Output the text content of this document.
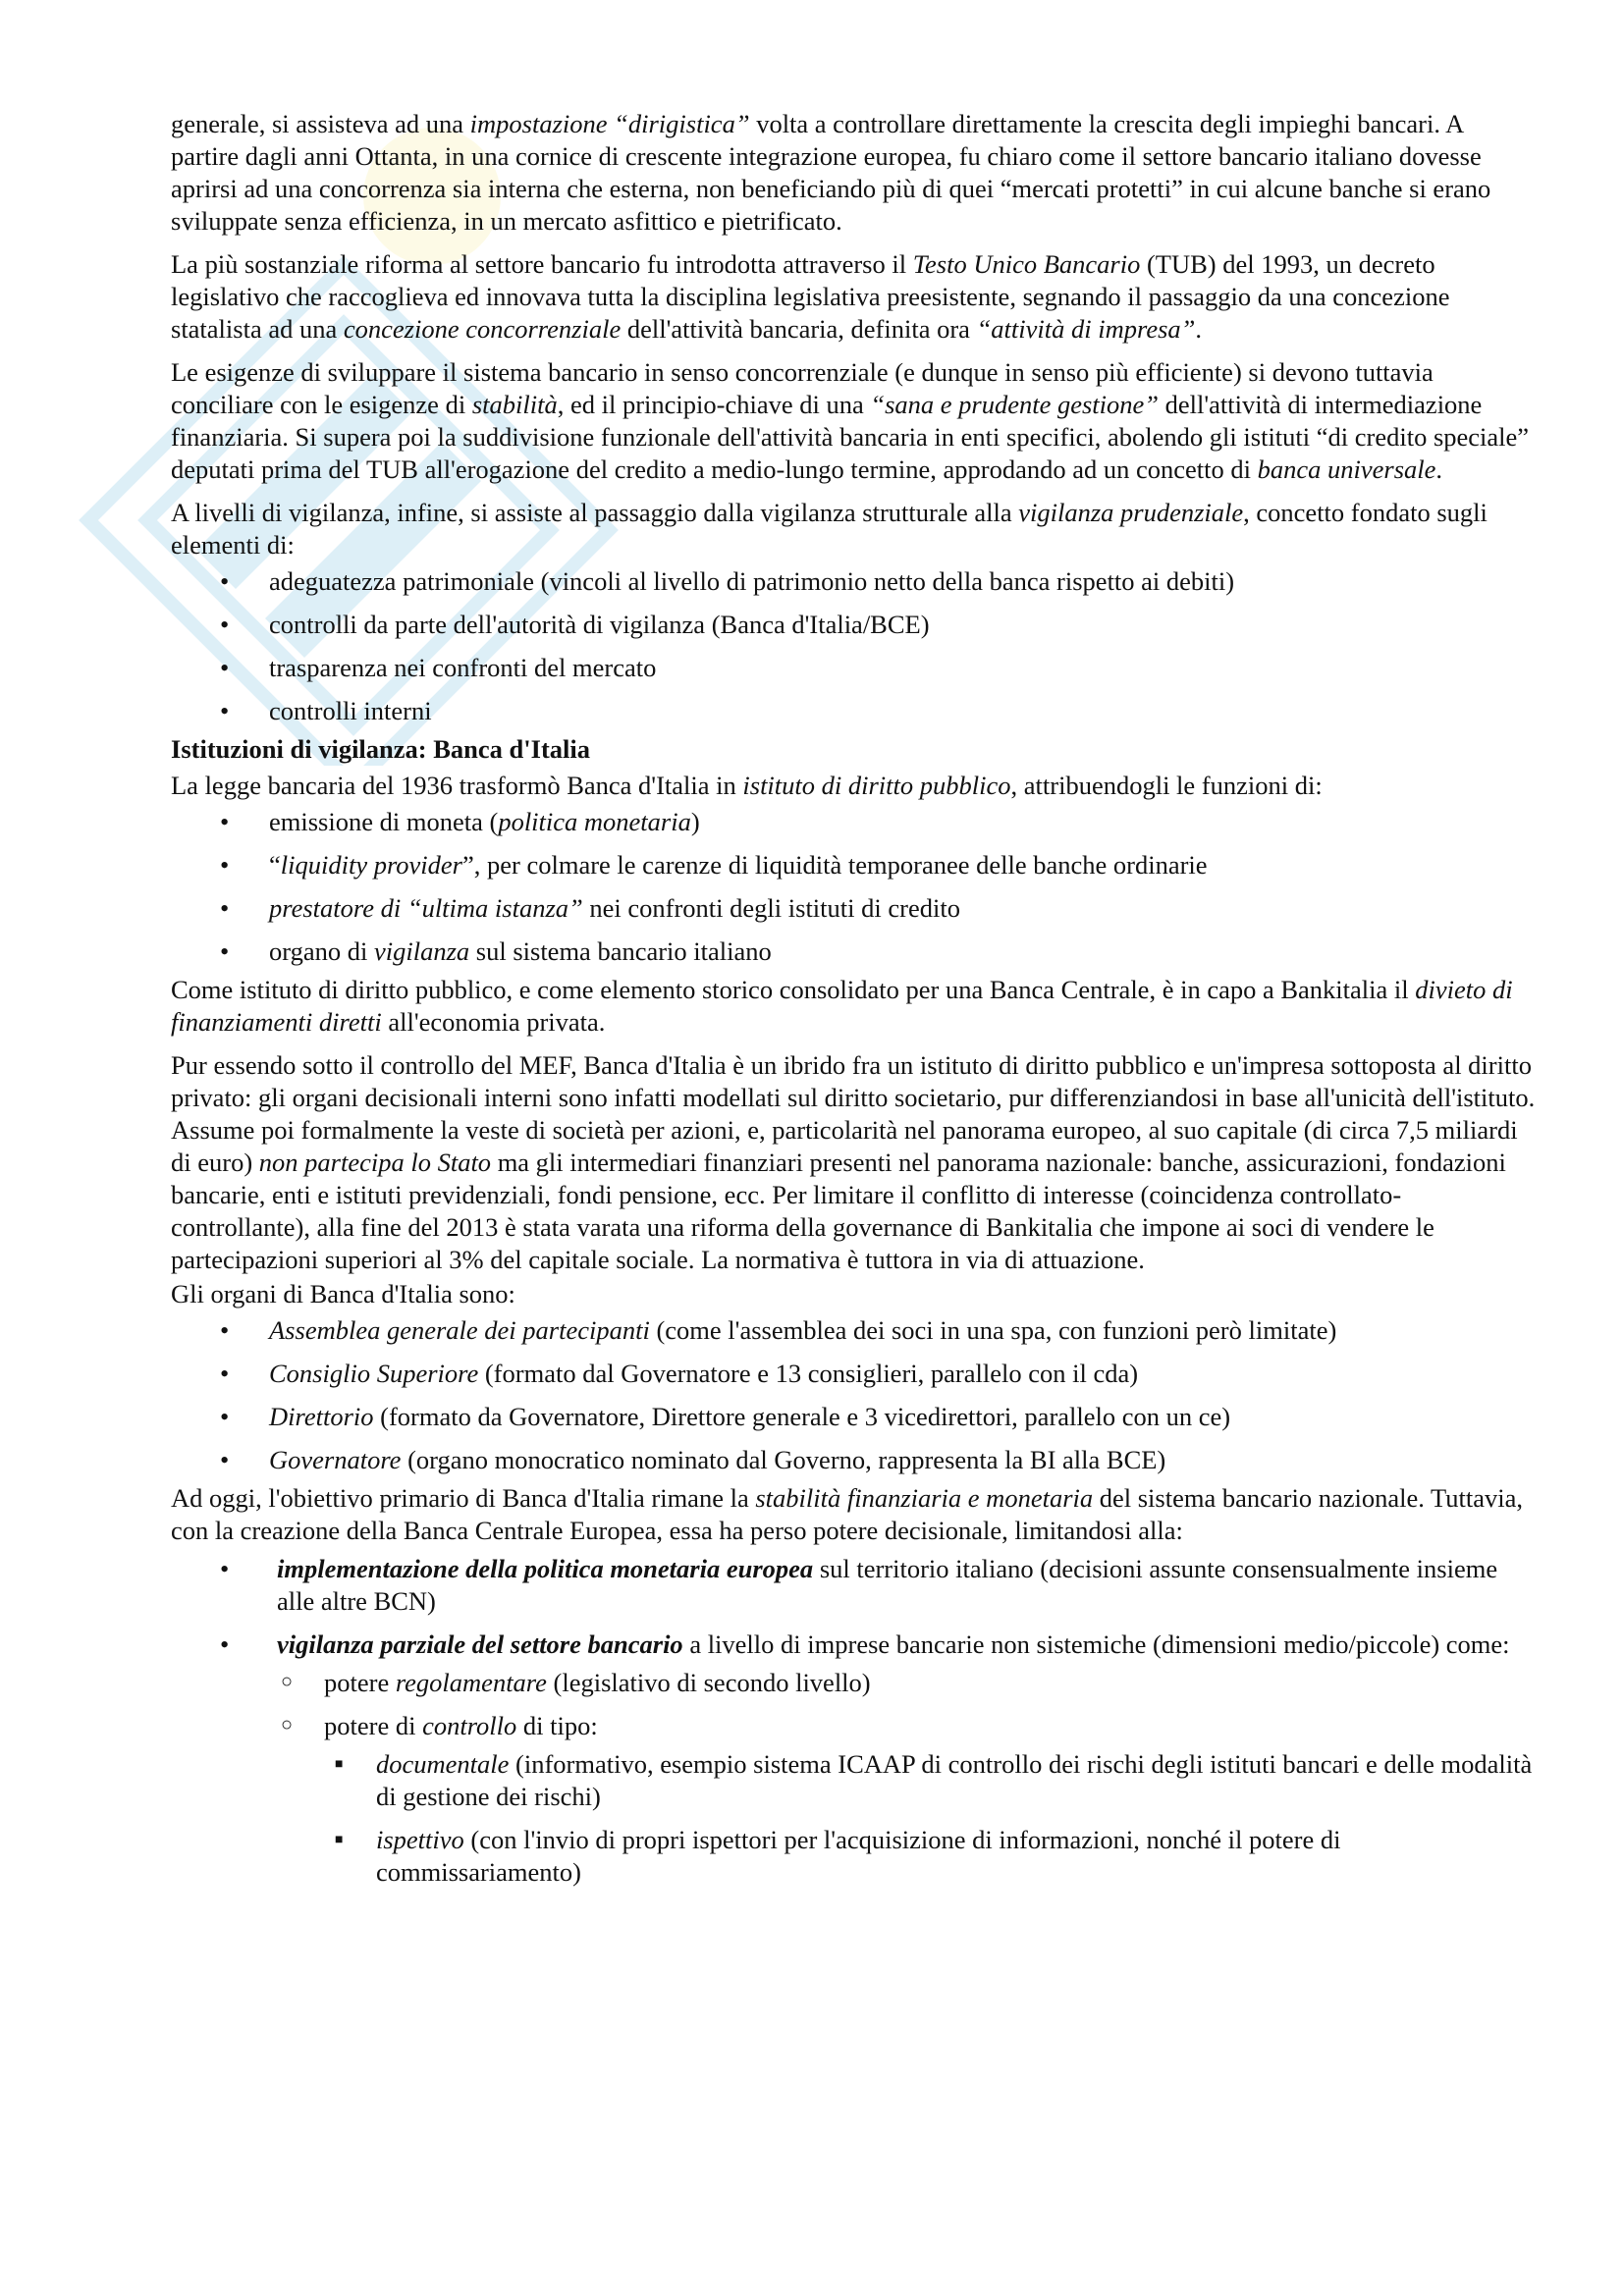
generale, si assisteva ad una impostazione “dirigistica” volta a controllare direttamente la crescita degli impieghi bancari. A partire dagli anni Ottanta, in una cornice di crescente integrazione europea, fu chiaro come il settore bancario italiano dovesse aprirsi ad una concorrenza sia interna che esterna, non beneficiando più di quei “mercati protetti” in cui alcune banche si erano sviluppate senza efficienza, in un mercato asfittico e pietrificato.

La più sostanziale riforma al settore bancario fu introdotta attraverso il Testo Unico Bancario (TUB) del 1993, un decreto legislativo che raccoglieva ed innovava tutta la disciplina legislativa preesistente, segnando il passaggio da una concezione statalista ad una concezione concorrenziale dell'attività bancaria, definita ora “attività di impresa”.

Le esigenze di sviluppare il sistema bancario in senso concorrenziale (e dunque in senso più efficiente) si devono tuttavia conciliare con le esigenze di stabilità, ed il principio-chiave di una “sana e prudente gestione” dell'attività di intermediazione finanziaria. Si supera poi la suddivisione funzionale dell'attività bancaria in enti specifici, abolendo gli istituti “di credito speciale” deputati prima del TUB all'erogazione del credito a medio-lungo termine, approdando ad un concetto di banca universale.

A livelli di vigilanza, infine, si assiste al passaggio dalla vigilanza strutturale alla vigilanza prudenziale, concetto fondato sugli elementi di:

• adeguatezza patrimoniale (vincoli al livello di patrimonio netto della banca rispetto ai debiti)
• controlli da parte dell'autorità di vigilanza (Banca d'Italia/BCE)
• trasparenza nei confronti del mercato
• controlli interni

Istituzioni di vigilanza: Banca d'Italia

La legge bancaria del 1936 trasformò Banca d'Italia in istituto di diritto pubblico, attribuendogli le funzioni di:

• emissione di moneta (politica monetaria)
• “liquidity provider”, per colmare le carenze di liquidità temporanee delle banche ordinarie
• prestatore di “ultima istanza” nei confronti degli istituti di credito
• organo di vigilanza sul sistema bancario italiano

Come istituto di diritto pubblico, e come elemento storico consolidato per una Banca Centrale, è in capo a Bankitalia il divieto di finanziamenti diretti all'economia privata.

Pur essendo sotto il controllo del MEF, Banca d'Italia è un ibrido fra un istituto di diritto pubblico e un'impresa sottoposta al diritto privato: gli organi decisionali interni sono infatti modellati sul diritto societario, pur differenziandosi in base all'unicità dell'istituto. Assume poi formalmente la veste di società per azioni, e, particolarità nel panorama europeo, al suo capitale (di circa 7,5 miliardi di euro) non partecipa lo Stato ma gli intermediari finanziari presenti nel panorama nazionale: banche, assicurazioni, fondazioni bancarie, enti e istituti previdenziali, fondi pensione, ecc. Per limitare il conflitto di interesse (coincidenza controllato-controllante), alla fine del 2013 è stata varata una riforma della governance di Bankitalia che impone ai soci di vendere le partecipazioni superiori al 3% del capitale sociale. La normativa è tuttora in via di attuazione.

Gli organi di Banca d'Italia sono:

• Assemblea generale dei partecipanti (come l'assemblea dei soci in una spa, con funzioni però limitate)
• Consiglio Superiore (formato dal Governatore e 13 consiglieri, parallelo con il cda)
• Direttorio (formato da Governatore, Direttore generale e 3 vicedirettori, parallelo con un ce)
• Governatore (organo monocratico nominato dal Governo, rappresenta la BI alla BCE)

Ad oggi, l'obiettivo primario di Banca d'Italia rimane la stabilità finanziaria e monetaria del sistema bancario nazionale. Tuttavia, con la creazione della Banca Centrale Europea, essa ha perso potere decisionale, limitandosi alla:

• implementazione della politica monetaria europea sul territorio italiano (decisioni assunte consensualmente insieme alle altre BCN)
• vigilanza parziale del settore bancario a livello di imprese bancarie non sistemiche (dimensioni medio/piccole) come:
○ potere regolamentare (legislativo di secondo livello)
○ potere di controllo di tipo:
■ documentale (informativo, esempio sistema ICAAP di controllo dei rischi degli istituti bancari e delle modalità di gestione dei rischi)
■ ispettivo (con l'invio di propri ispettori per l'acquisizione di informazioni, nonché il potere di commissariamento)
